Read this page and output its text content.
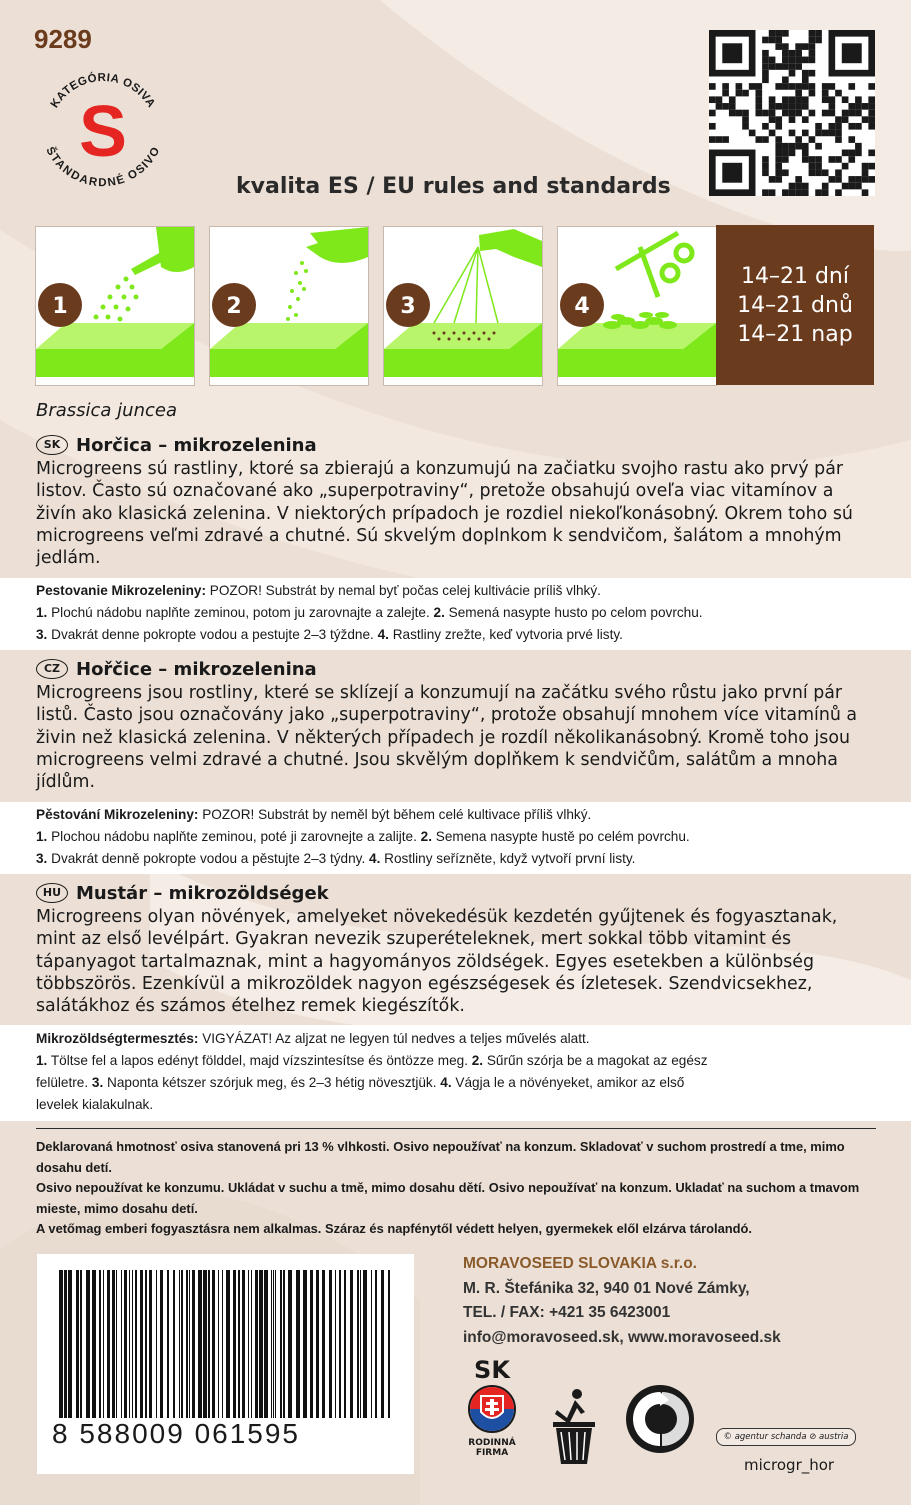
9289
KATEGÓRIA OSIVA
ŠTANDARDNÉ OSIVO
S
kvalita ES / EU rules and standards
1	2	3	4
14–21 dní
14–21 dnů
14–21 nap
Brassica juncea
SK Horčica – mikrozelenina
Microgreens sú rastliny, ktoré sa zbierajú a konzumujú na začiatku svojho rastu ako prvý pár listov. Často sú označované ako „superpotraviny“, pretože obsahujú oveľa viac vitamínov a živín ako klasická zelenina. V niektorých prípadoch je rozdiel niekoľkonásobný. Okrem toho sú microgreens veľmi zdravé a chutné. Sú skvelým doplnkom k sendvičom, šalátom a mnohým jedlám.
Pestovanie Mikrozeleniny: POZOR! Substrát by nemal byť počas celej kultivácie príliš vlhký.
1. Plochú nádobu naplňte zeminou, potom ju zarovnajte a zalejte. 2. Semená nasypte husto po celom povrchu.
3. Dvakrát denne pokropte vodou a pestujte 2–3 týždne. 4. Rastliny zrežte, keď vytvoria prvé listy.
CZ Hořčice – mikrozelenina
Microgreens jsou rostliny, které se sklízejí a konzumují na začátku svého růstu jako první pár listů. Často jsou označovány jako „superpotraviny“, protože obsahují mnohem více vitamínů a živin než klasická zelenina. V některých případech je rozdíl několikanásobný. Kromě toho jsou microgreens velmi zdravé a chutné. Jsou skvělým doplňkem k sendvičům, salátům a mnoha jídlům.
Pěstování Mikrozeleniny: POZOR! Substrát by neměl být během celé kultivace příliš vlhký.
1. Plochou nádobu naplňte zeminou, poté ji zarovnejte a zalijte. 2. Semena nasypte hustě po celém povrchu.
3. Dvakrát denně pokropte vodou a pěstujte 2–3 týdny. 4. Rostliny seřízněte, když vytvoří první listy.
HU Mustár – mikrozöldségek
Microgreens olyan növények, amelyeket növekedésük kezdetén gyűjtenek és fogyasztanak, mint az első levélpárt. Gyakran nevezik szuperételeknek, mert sokkal több vitamint és tápanyagot tartalmaznak, mint a hagyományos zöldségek. Egyes esetekben a különbség többszörös. Ezenkívül a mikrozöldek nagyon egészségesek és ízletesek. Szendvicsekhez, salátákhoz és számos ételhez remek kiegészítők.
Mikrozöldségtermesztés: VIGYÁZAT! Az aljzat ne legyen túl nedves a teljes művelés alatt.
1. Töltse fel a lapos edényt földdel, majd vízszintesítse és öntözze meg. 2. Sűrűn szórja be a magokat az egész
felületre. 3. Naponta kétszer szórjuk meg, és 2–3 hétig növesztjük. 4. Vágja le a növényeket, amikor az első
levelek kialakulnak.
Deklarovaná hmotnosť osiva stanovená pri 13 % vlhkosti. Osivo nepoužívať na konzum. Skladovať v suchom prostredí a tme, mimo dosahu detí.
Osivo nepoužívat ke konzumu. Ukládat v suchu a tmě, mimo dosahu dětí. Osivo nepoužívať na konzum. Ukladať na suchom a tmavom mieste, mimo dosahu detí.
A vetőmag emberi fogyasztásra nem alkalmas. Száraz és napfénytől védett helyen, gyermekek elől elzárva tárolandó.
8 588009 061595
MORAVOSEED SLOVAKIA s.r.o.
M. R. Štefánika 32, 940 01 Nové Zámky,
TEL. / FAX: +421 35 6423001
info@moravoseed.sk, www.moravoseed.sk
SK
RODINNÁ
FIRMA
© agentur schanda ⊘ austria
microgr_hor
